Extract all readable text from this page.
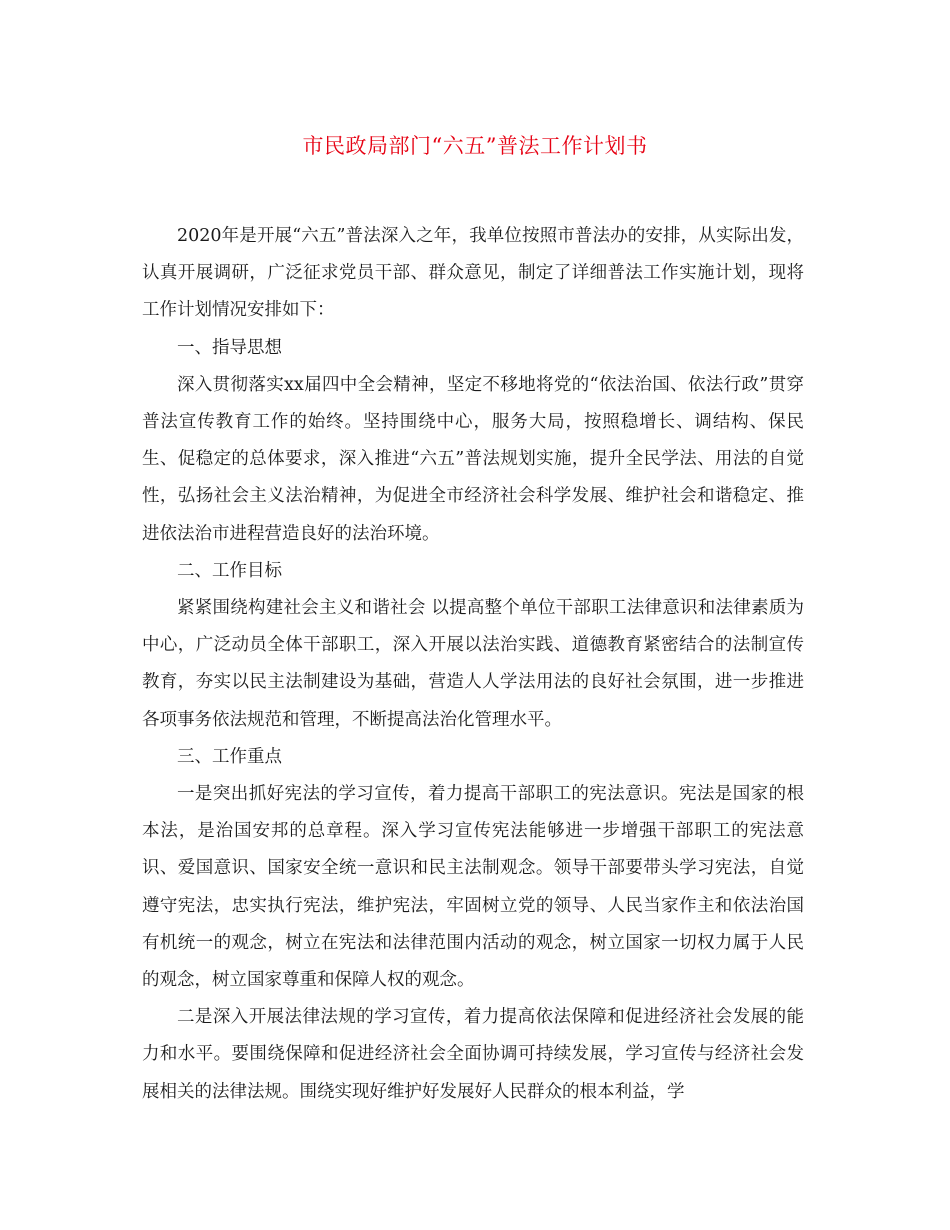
市民政局部门“六五”普法工作计划书

2020年是开展“六五”普法深入之年，我单位按照市普法办的安排，从实际出发，认真开展调研，广泛征求党员干部、群众意见，制定了详细普法工作实施计划，现将工作计划情况安排如下：

一、指导思想

深入贯彻落实xx届四中全会精神，坚定不移地将党的“依法治国、依法行政”贯穿普法宣传教育工作的始终。坚持围绕中心，服务大局，按照稳增长、调结构、保民生、促稳定的总体要求，深入推进“六五”普法规划实施，提升全民学法、用法的自觉性，弘扬社会主义法治精神，为促进全市经济社会科学发展、维护社会和谐稳定、推进依法治市进程营造良好的法治环境。

二、工作目标

紧紧围绕构建社会主义和谐社会 以提高整个单位干部职工法律意识和法律素质为中心，广泛动员全体干部职工，深入开展以法治实践、道德教育紧密结合的法制宣传教育，夯实以民主法制建设为基础，营造人人学法用法的良好社会氛围，进一步推进各项事务依法规范和管理，不断提高法治化管理水平。

三、工作重点

一是突出抓好宪法的学习宣传，着力提高干部职工的宪法意识。宪法是国家的根本法，是治国安邦的总章程。深入学习宣传宪法能够进一步增强干部职工的宪法意识、爱国意识、国家安全统一意识和民主法制观念。领导干部要带头学习宪法，自觉遵守宪法，忠实执行宪法，维护宪法，牢固树立党的领导、人民当家作主和依法治国有机统一的观念，树立在宪法和法律范围内活动的观念，树立国家一切权力属于人民的观念，树立国家尊重和保障人权的观念。

二是深入开展法律法规的学习宣传，着力提高依法保障和促进经济社会发展的能力和水平。要围绕保障和促进经济社会全面协调可持续发展，学习宣传与经济社会发展相关的法律法规。围绕实现好维护好发展好人民群众的根本利益，学
